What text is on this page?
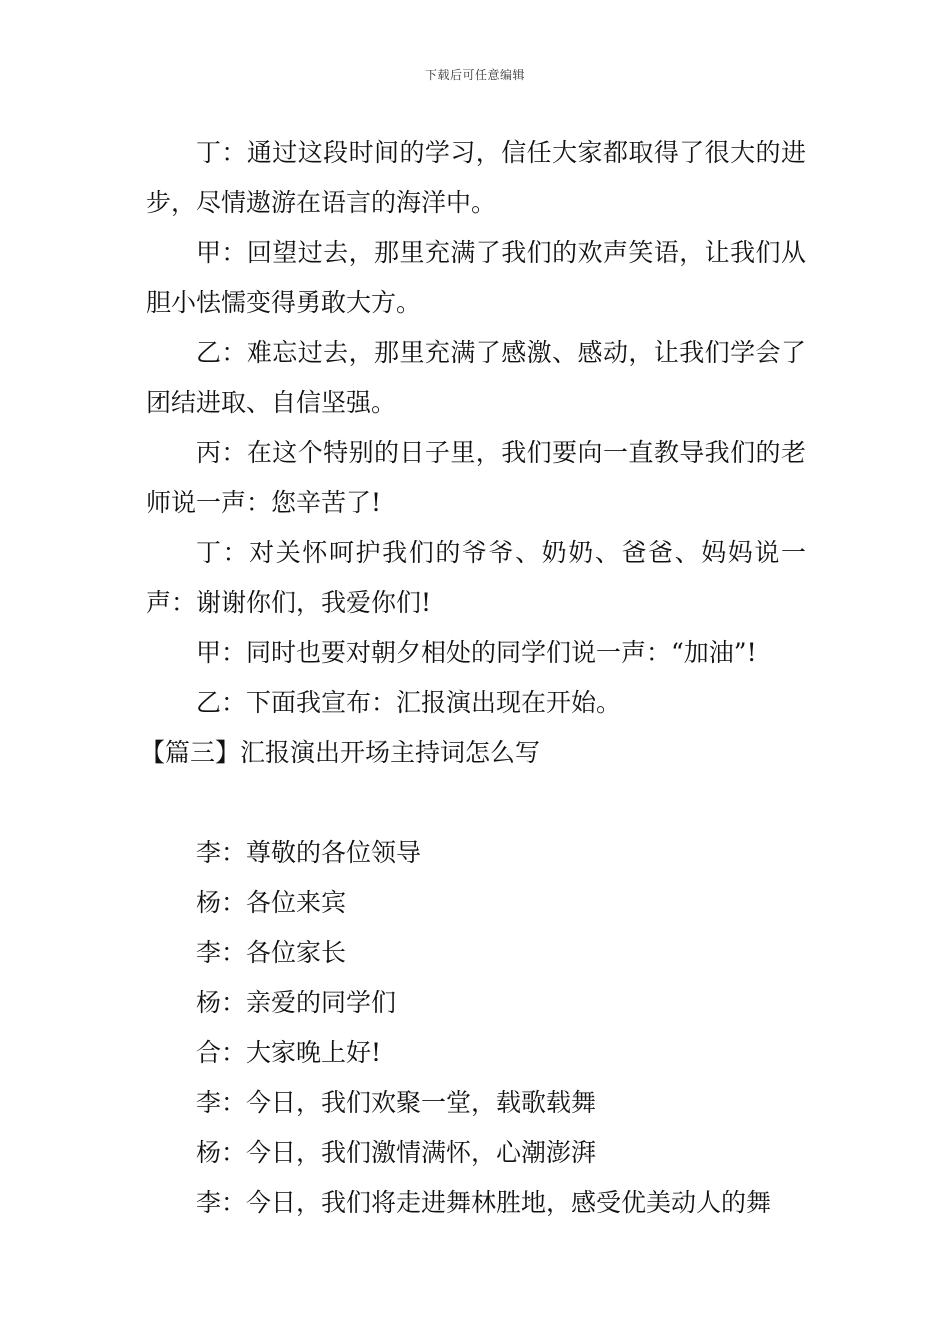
下载后可任意编辑

丁：通过这段时间的学习，信任大家都取得了很大的进步，尽情遨游在语言的海洋中。

甲：回望过去，那里充满了我们的欢声笑语，让我们从胆小怯懦变得勇敢大方。

乙：难忘过去，那里充满了感激、感动，让我们学会了团结进取、自信坚强。

丙：在这个特别的日子里，我们要向一直教导我们的老师说一声：您辛苦了!

丁：对关怀呵护我们的爷爷、奶奶、爸爸、妈妈说一声：谢谢你们，我爱你们!

甲：同时也要对朝夕相处的同学们说一声：“加油”!

乙：下面我宣布：汇报演出现在开始。

【篇三】汇报演出开场主持词怎么写

李：尊敬的各位领导

杨：各位来宾

李：各位家长

杨：亲爱的同学们

合：大家晚上好!

李：今日，我们欢聚一堂，载歌载舞

杨：今日，我们激情满怀，心潮澎湃

李：今日，我们将走进舞林胜地，感受优美动人的舞
